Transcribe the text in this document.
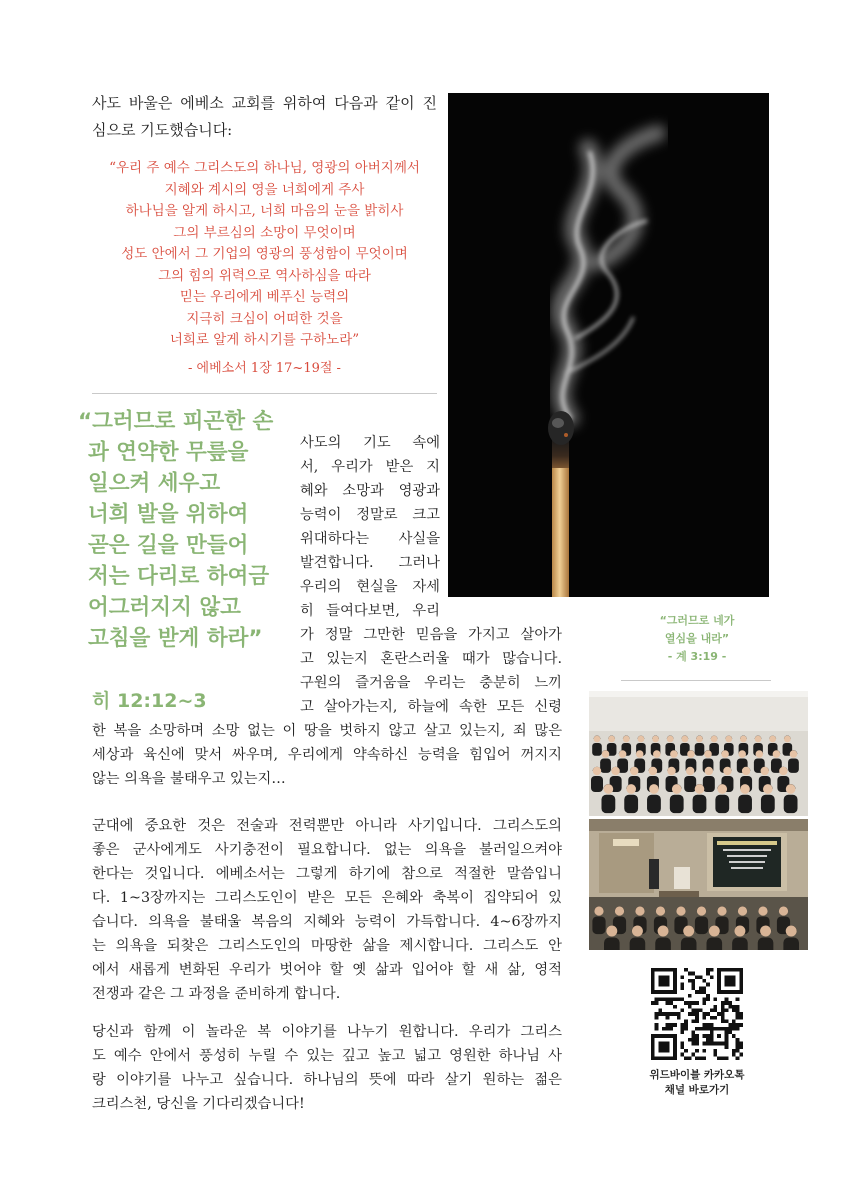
사도 바울은 에베소 교회를 위하여 다음과 같이 진
심으로 기도했습니다:
“우리 주 예수 그리스도의 하나님, 영광의 아버지께서
지혜와 계시의 영을 너희에게 주사
하나님을 알게 하시고, 너희 마음의 눈을 밝히사
그의 부르심의 소망이 무엇이며
성도 안에서 그 기업의 영광의 풍성함이 무엇이며
그의 힘의 위력으로 역사하심을 따라
믿는 우리에게 베푸신 능력의
지극히 크심이 어떠한 것을
너희로 알게 하시기를 구하노라”
- 에베소서 1장 17~19절 -
“그러므로 피곤한 손
과 연약한 무릎을
일으켜 세우고
너희 발을 위하여
곧은 길을 만들어
저는 다리로 하여금
어그러지지 않고
고침을 받게 하라”
히 12:12~3
사도의 기도 속에
서, 우리가 받은 지
혜와 소망과 영광과
능력이 정말로 크고
위대하다는 사실을
발견합니다. 그러나
우리의 현실을 자세
히 들여다보면, 우리
가 정말 그만한 믿음을 가지고 살아가
고 있는지 혼란스러울 때가 많습니다.
구원의 즐거움을 우리는 충분히 느끼
고 살아가는지, 하늘에 속한 모든 신령
한 복을 소망하며 소망 없는 이 땅을 벗하지 않고 살고 있는지, 죄 많은
세상과 육신에 맞서 싸우며, 우리에게 약속하신 능력을 힘입어 꺼지지
않는 의욕을 불태우고 있는지…
군대에 중요한 것은 전술과 전력뿐만 아니라 사기입니다. 그리스도의
좋은 군사에게도 사기충전이 필요합니다. 없는 의욕을 불러일으켜야
한다는 것입니다. 에베소서는 그렇게 하기에 참으로 적절한 말씀입니
다. 1~3장까지는 그리스도인이 받은 모든 은혜와 축복이 집약되어 있
습니다. 의욕을 불태울 복음의 지혜와 능력이 가득합니다. 4~6장까지
는 의욕을 되찾은 그리스도인의 마땅한 삶을 제시합니다. 그리스도 안
에서 새롭게 변화된 우리가 벗어야 할 옛 삶과 입어야 할 새 삶, 영적
전쟁과 같은 그 과정을 준비하게 합니다.
당신과 함께 이 놀라운 복 이야기를 나누기 원합니다. 우리가 그리스
도 예수 안에서 풍성히 누릴 수 있는 깊고 높고 넓고 영원한 하나님 사
랑 이야기를 나누고 싶습니다. 하나님의 뜻에 따라 살기 원하는 젊은
크리스천, 당신을 기다리겠습니다!
“그러므로 네가
열심을 내라”
- 계 3:19 -
위드바이블 카카오톡
채널 바로가기
